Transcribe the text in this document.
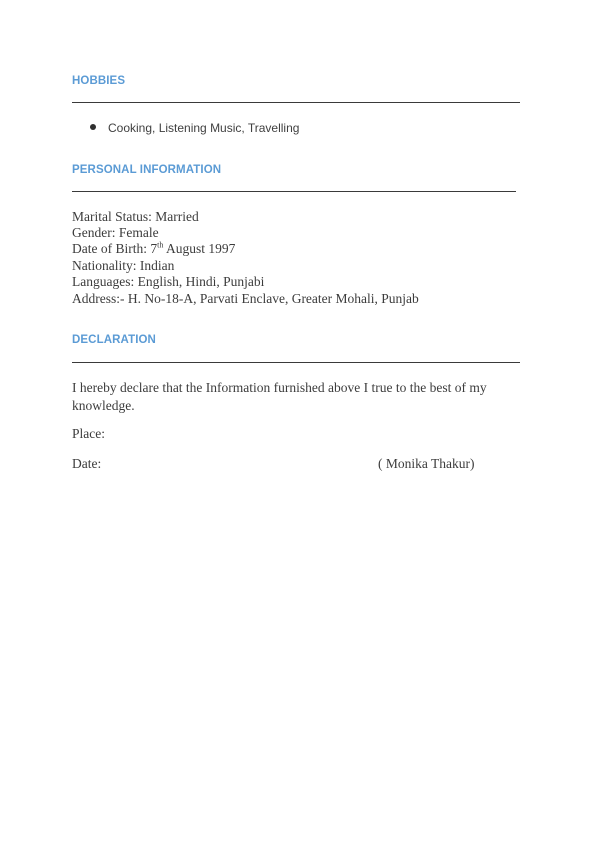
HOBBIES
Cooking, Listening Music, Travelling
PERSONAL INFORMATION
Marital Status: Married
Gender: Female
Date of Birth: 7th August 1997
Nationality: Indian
Languages: English, Hindi, Punjabi
Address:- H. No-18-A, Parvati Enclave, Greater Mohali, Punjab
DECLARATION
I hereby declare that the Information furnished above I true to the best of my knowledge.
Place:
Date:	( Monika Thakur)
